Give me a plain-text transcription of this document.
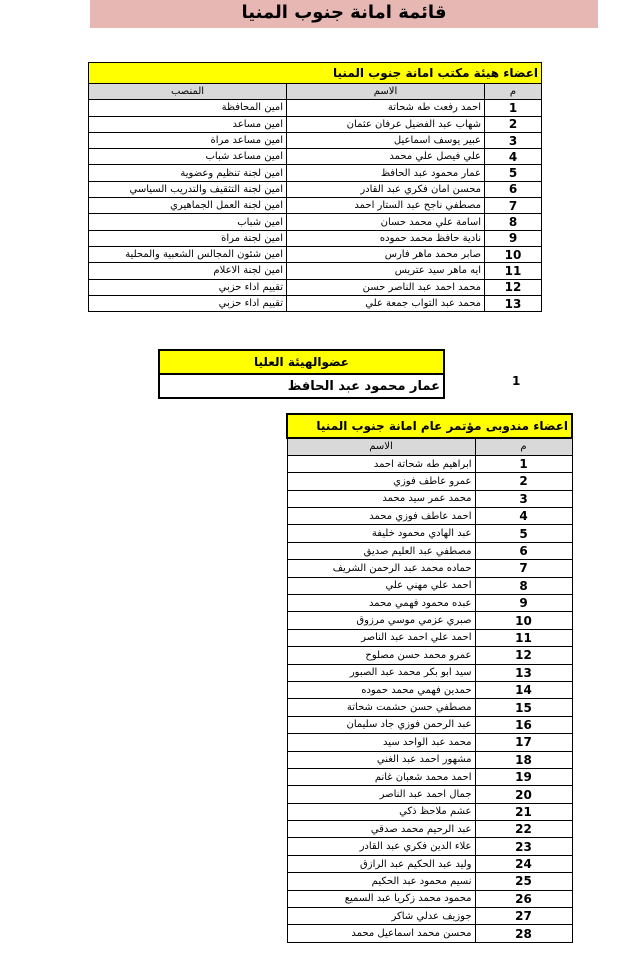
قائمة امانة جنوب المنيا
اعضاء هيئة مكتب امانة جنوب المنيا		
م	الاسم	المنصب
1	احمد رفعت طه شحاتة	امين المحافظة
2	شهاب عبد الفضيل عرفان عثمان	امين مساعد
3	عبير يوسف اسماعيل	امين مساعد مراة
4	علي فيصل علي محمد	امين مساعد شباب
5	عمار محمود عبد الحافظ	امين لجنة تنظيم وعضوية
6	محسن امان فكري عبد القادر	امين لجنة التثقيف والتدريب السياسي
7	مصطفي ناجح عبد الستار احمد	امين لجنة العمل الجماهيري
8	اسامة علي محمد حسان	امين شباب
9	نادية حافظ محمد حموده	امين لجنة مراة
10	صابر محمد ماهر فارس	امين شئون المجالس الشعبية والمحلية
11	ايه ماهر سيد عتريس	امين لجنة الاعلام
12	محمد احمد عبد الناصر حسن	تقييم اداء حزبي
13	محمد عبد التواب جمعة علي	تقييم اداء حزبي
عضوالهيئة العليا
عمار محمود عبد الحافظ	1
اعضاء مندوبى مؤتمر عام امانة جنوب المنيا	
م	الاسم
1	ابراهيم طه شحاتة احمد
2	عمرو عاطف فوزي
3	محمد عمر سيد محمد
4	احمد عاطف فوزي محمد
5	عبد الهادي محمود خليفة
6	مصطفي عبد العليم صديق
7	حماده محمد عبد الرحمن الشريف
8	احمد علي مهني علي
9	عبده محمود فهمي محمد
10	صبري عزمي موسي مرزوق
11	احمد علي احمد عبد الناصر
12	عمرو محمد حسن مصلوح
13	سيد ابو بكر محمد عبد الصبور
14	حمدين فهمي محمد حموده
15	مصطفي حسن حشمت شحاتة
16	عبد الرحمن فوزي جاد سليمان
17	محمد عبد الواحد سيد
18	مشهور احمد عبد الغني
19	احمد محمد شعبان غانم
20	جمال احمد عبد الناصر
21	عشم ملاحظ ذكي
22	عبد الرحيم محمد صدقي
23	علاء الدين فكري عبد القادر
24	وليد عبد الحكيم عبد الرازق
25	نسيم محمود عبد الحكيم
26	محمود محمد زكريا عبد السميع
27	جوزيف عدلي شاكر
28	محسن محمد اسماعيل محمد
